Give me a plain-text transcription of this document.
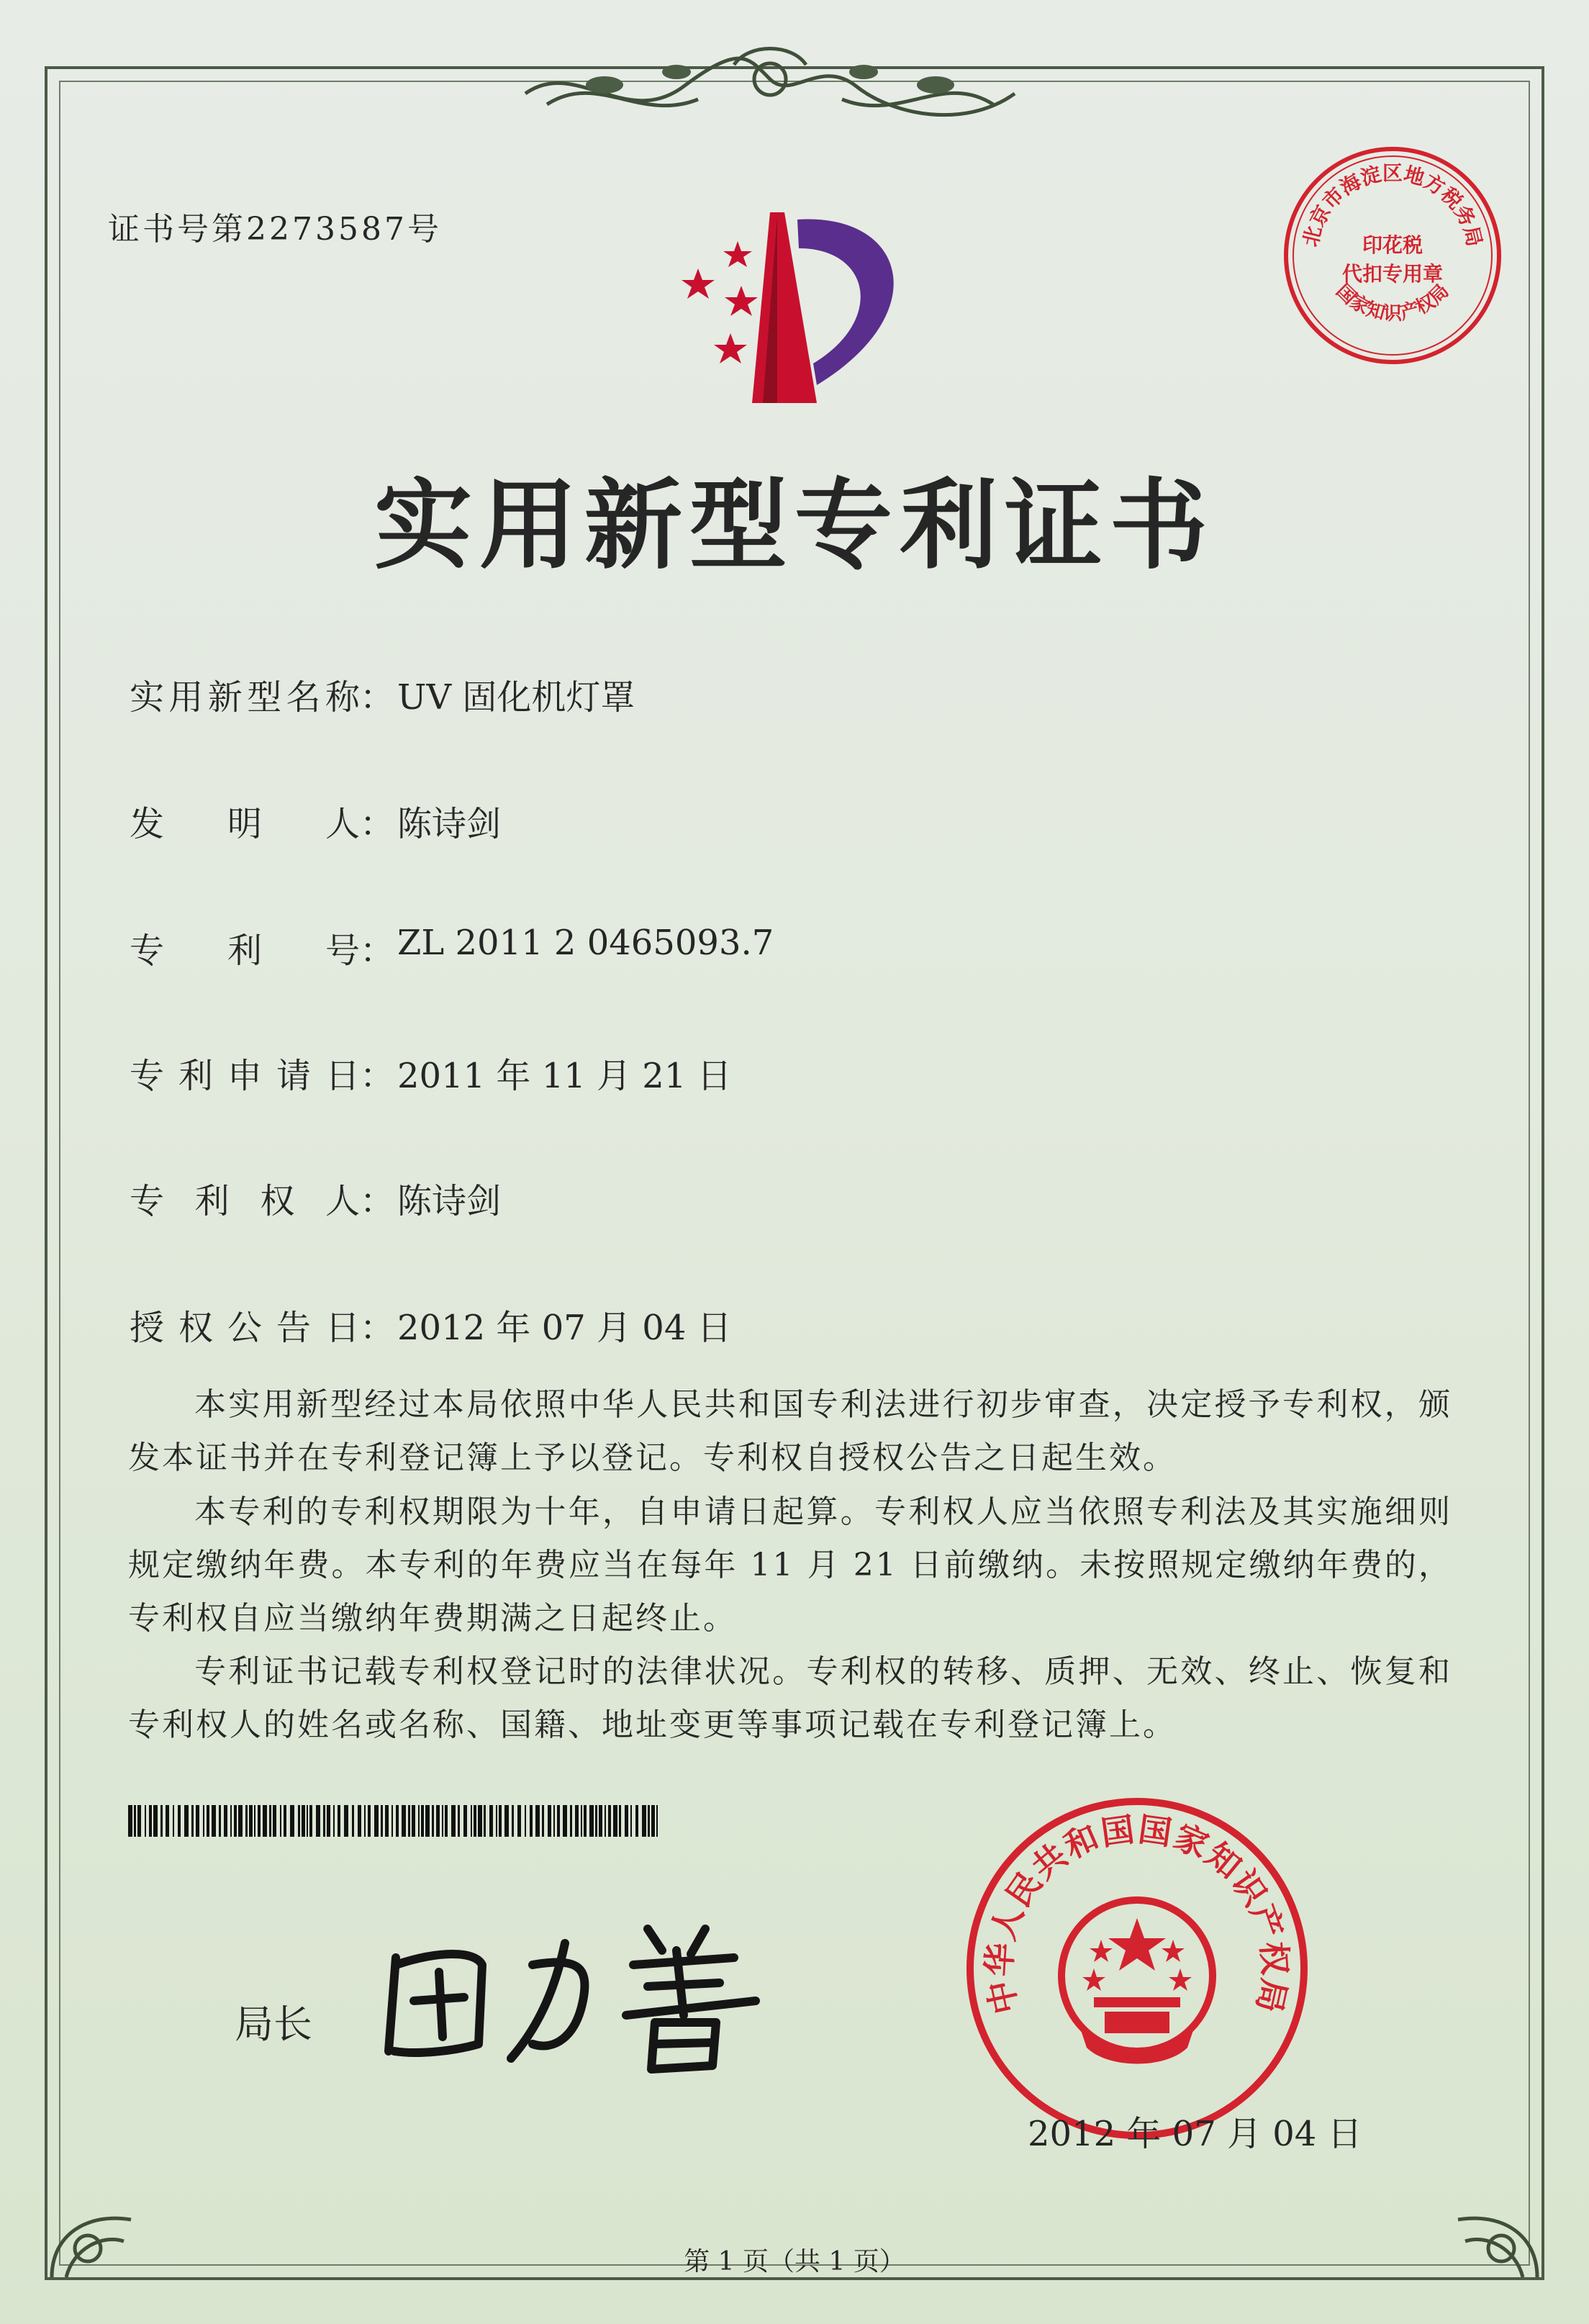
证书号第2273587号	北京市海淀区地方税务局
印花税
代扣专用章
国家知识产权局
实用新型专利证书
实用新型名称 ： UV 固化机灯罩
发明人 ： 陈诗剑
专利号 ： ZL 2011 2 0465093.7
专利申请日 ： 2011 年 11 月 21 日
专利权人 ： 陈诗剑
授权公告日 ： 2012 年 07 月 04 日

本实用新型经过本局依照中华人民共和国专利法进行初步审查，决定授予专利权，颁发本证书并在专利登记簿上予以登记。专利权自授权公告之日起生效。

本专利的专利权期限为十年，自申请日起算。专利权人应当依照专利法及其实施细则规定缴纳年费。本专利的年费应当在每年 11 月 21 日前缴纳。未按照规定缴纳年费的，专利权自应当缴纳年费期满之日起终止。

专利证书记载专利权登记时的法律状况。专利权的转移、质押、无效、终止、恢复和专利权人的姓名或名称、国籍、地址变更等事项记载在专利登记簿上。

局长
中华人民共和国国家知识产权局
2012 年 07 月 04 日
第 1 页（共 1 页）
